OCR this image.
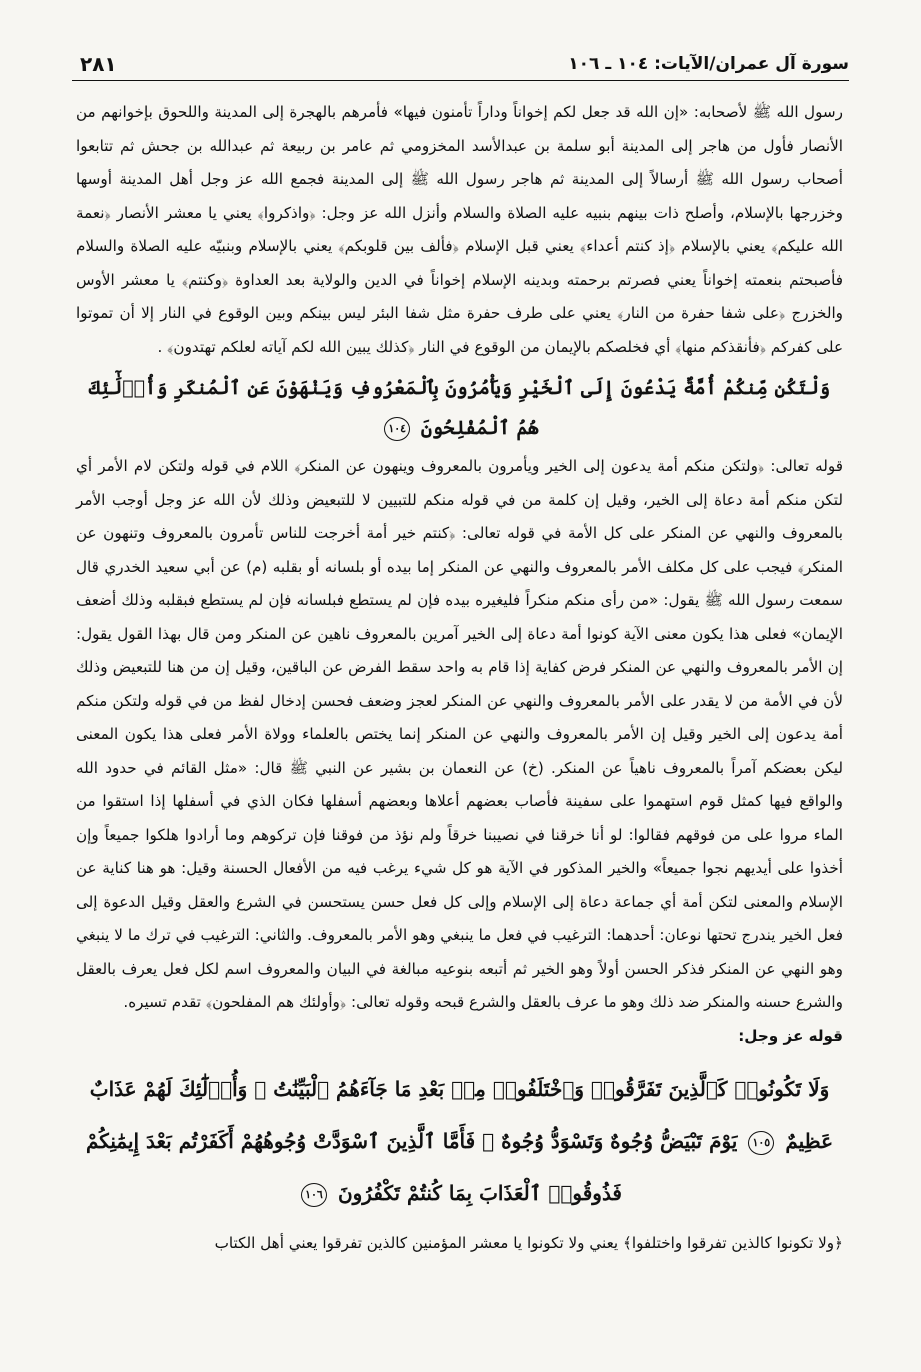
سورة آل عمران/الآيات: ١٠٤ ـ ١٠٦
٢٨١

رسول الله ﷺ لأصحابه: «إن الله قد جعل لكم إخواناً وداراً تأمنون فيها» فأمرهم بالهجرة إلى المدينة واللحوق بإخوانهم من الأنصار فأول من هاجر إلى المدينة أبو سلمة بن عبدالأسد المخزومي ثم عامر بن ربيعة ثم عبدالله بن جحش ثم تتابعوا أصحاب رسول الله ﷺ أرسالاً إلى المدينة ثم هاجر رسول الله ﷺ إلى المدينة فجمع الله عز وجل أهل المدينة أوسها وخزرجها بالإسلام، وأصلح ذات بينهم بنبيه عليه الصلاة والسلام وأنزل الله عز وجل: ﴿واذكروا﴾ يعني يا معشر الأنصار ﴿نعمة الله عليكم﴾ يعني بالإسلام ﴿إذ كنتم أعداء﴾ يعني قبل الإسلام ﴿فألف بين قلوبكم﴾ يعني بالإسلام وبنبيّه عليه الصلاة والسلام فأصبحتم بنعمته إخواناً يعني فصرتم برحمته وبدينه الإسلام إخواناً في الدين والولاية بعد العداوة ﴿وكنتم﴾ يا معشر الأوس والخزرج ﴿على شفا حفرة من النار﴾ يعني على طرف حفرة مثل شفا البئر ليس بينكم وبين الوقوع في النار إلا أن تموتوا على كفركم ﴿فأنقذكم منها﴾ أي فخلصكم بالإيمان من الوقوع في النار ﴿كذلك يبين الله لكم آياته لعلكم تهتدون﴾ .

وَلْتَكُن مِّنكُمْ أُمَّةٌ يَدْعُونَ إِلَى ٱلْخَيْرِ وَيَأْمُرُونَ بِٱلْمَعْرُوفِ وَيَنْهَوْنَ عَنِ ٱلْمُنكَرِ وَأُو۟لَٰٓئِكَ هُمُ ٱلْمُفْلِحُونَ ١٠٤

قوله تعالى: ﴿ولتكن منكم أمة يدعون إلى الخير ويأمرون بالمعروف وينهون عن المنكر﴾ اللام في قوله ولتكن لام الأمر أي لتكن منكم أمة دعاة إلى الخير، وقيل إن كلمة من في قوله منكم للتبيين لا للتبعيض وذلك لأن الله عز وجل أوجب الأمر بالمعروف والنهي عن المنكر على كل الأمة في قوله تعالى: ﴿كنتم خير أمة أخرجت للناس تأمرون بالمعروف وتنهون عن المنكر﴾ فيجب على كل مكلف الأمر بالمعروف والنهي عن المنكر إما بيده أو بلسانه أو بقلبه (م) عن أبي سعيد الخدري قال سمعت رسول الله ﷺ يقول: «من رأى منكم منكراً فليغيره بيده فإن لم يستطع فبلسانه فإن لم يستطع فبقلبه وذلك أضعف الإيمان» فعلى هذا يكون معنى الآية كونوا أمة دعاة إلى الخير آمرين بالمعروف ناهين عن المنكر ومن قال بهذا القول يقول: إن الأمر بالمعروف والنهي عن المنكر فرض كفاية إذا قام به واحد سقط الفرض عن الباقين، وقيل إن من هنا للتبعيض وذلك لأن في الأمة من لا يقدر على الأمر بالمعروف والنهي عن المنكر لعجز وضعف فحسن إدخال لفظ من في قوله ولتكن منكم أمة يدعون إلى الخير وقيل إن الأمر بالمعروف والنهي عن المنكر إنما يختص بالعلماء وولاة الأمر فعلى هذا يكون المعنى ليكن بعضكم آمراً بالمعروف ناهياً عن المنكر. (خ) عن النعمان بن بشير عن النبي ﷺ قال: «مثل القائم في حدود الله والواقع فيها كمثل قوم استهموا على سفينة فأصاب بعضهم أعلاها وبعضهم أسفلها فكان الذي في أسفلها إذا استقوا من الماء مروا على من فوقهم فقالوا: لو أنا خرقنا في نصيبنا خرقاً ولم نؤذ من فوقنا فإن تركوهم وما أرادوا هلكوا جميعاً وإن أخذوا على أيديهم نجوا جميعاً» والخير المذكور في الآية هو كل شيء يرغب فيه من الأفعال الحسنة وقيل: هو هنا كناية عن الإسلام والمعنى لتكن أمة أي جماعة دعاة إلى الإسلام وإلى كل فعل حسن يستحسن في الشرع والعقل وقيل الدعوة إلى فعل الخير يندرج تحتها نوعان: أحدهما: الترغيب في فعل ما ينبغي وهو الأمر بالمعروف. والثاني: الترغيب في ترك ما لا ينبغي وهو النهي عن المنكر فذكر الحسن أولاً وهو الخير ثم أتبعه بنوعيه مبالغة في البيان والمعروف اسم لكل فعل يعرف بالعقل والشرع حسنه والمنكر ضد ذلك وهو ما عرف بالعقل والشرع قبحه وقوله تعالى: ﴿وأولئك هم المفلحون﴾ تقدم تسيره.

قوله عز وجل:

وَلَا تَكُونُوا۟ كَٱلَّذِينَ تَفَرَّقُوا۟ وَٱخْتَلَفُوا۟ مِنۢ بَعْدِ مَا جَآءَهُمُ ٱلْبَيِّنَٰتُ ۚ وَأُو۟لَٰٓئِكَ لَهُمْ عَذَابٌ عَظِيمٌ ١٠٥ يَوْمَ تَبْيَضُّ وُجُوهٌ وَتَسْوَدُّ وُجُوهٌ ۚ فَأَمَّا ٱلَّذِينَ ٱسْوَدَّتْ وُجُوهُهُمْ أَكَفَرْتُم بَعْدَ إِيمَٰنِكُمْ فَذُوقُوا۟ ٱلْعَذَابَ بِمَا كُنتُمْ تَكْفُرُونَ ١٠٦

﴿ولا تكونوا كالذين تفرقوا واختلفوا﴾ يعني ولا تكونوا يا معشر المؤمنين كالذين تفرقوا يعني أهل الكتاب
